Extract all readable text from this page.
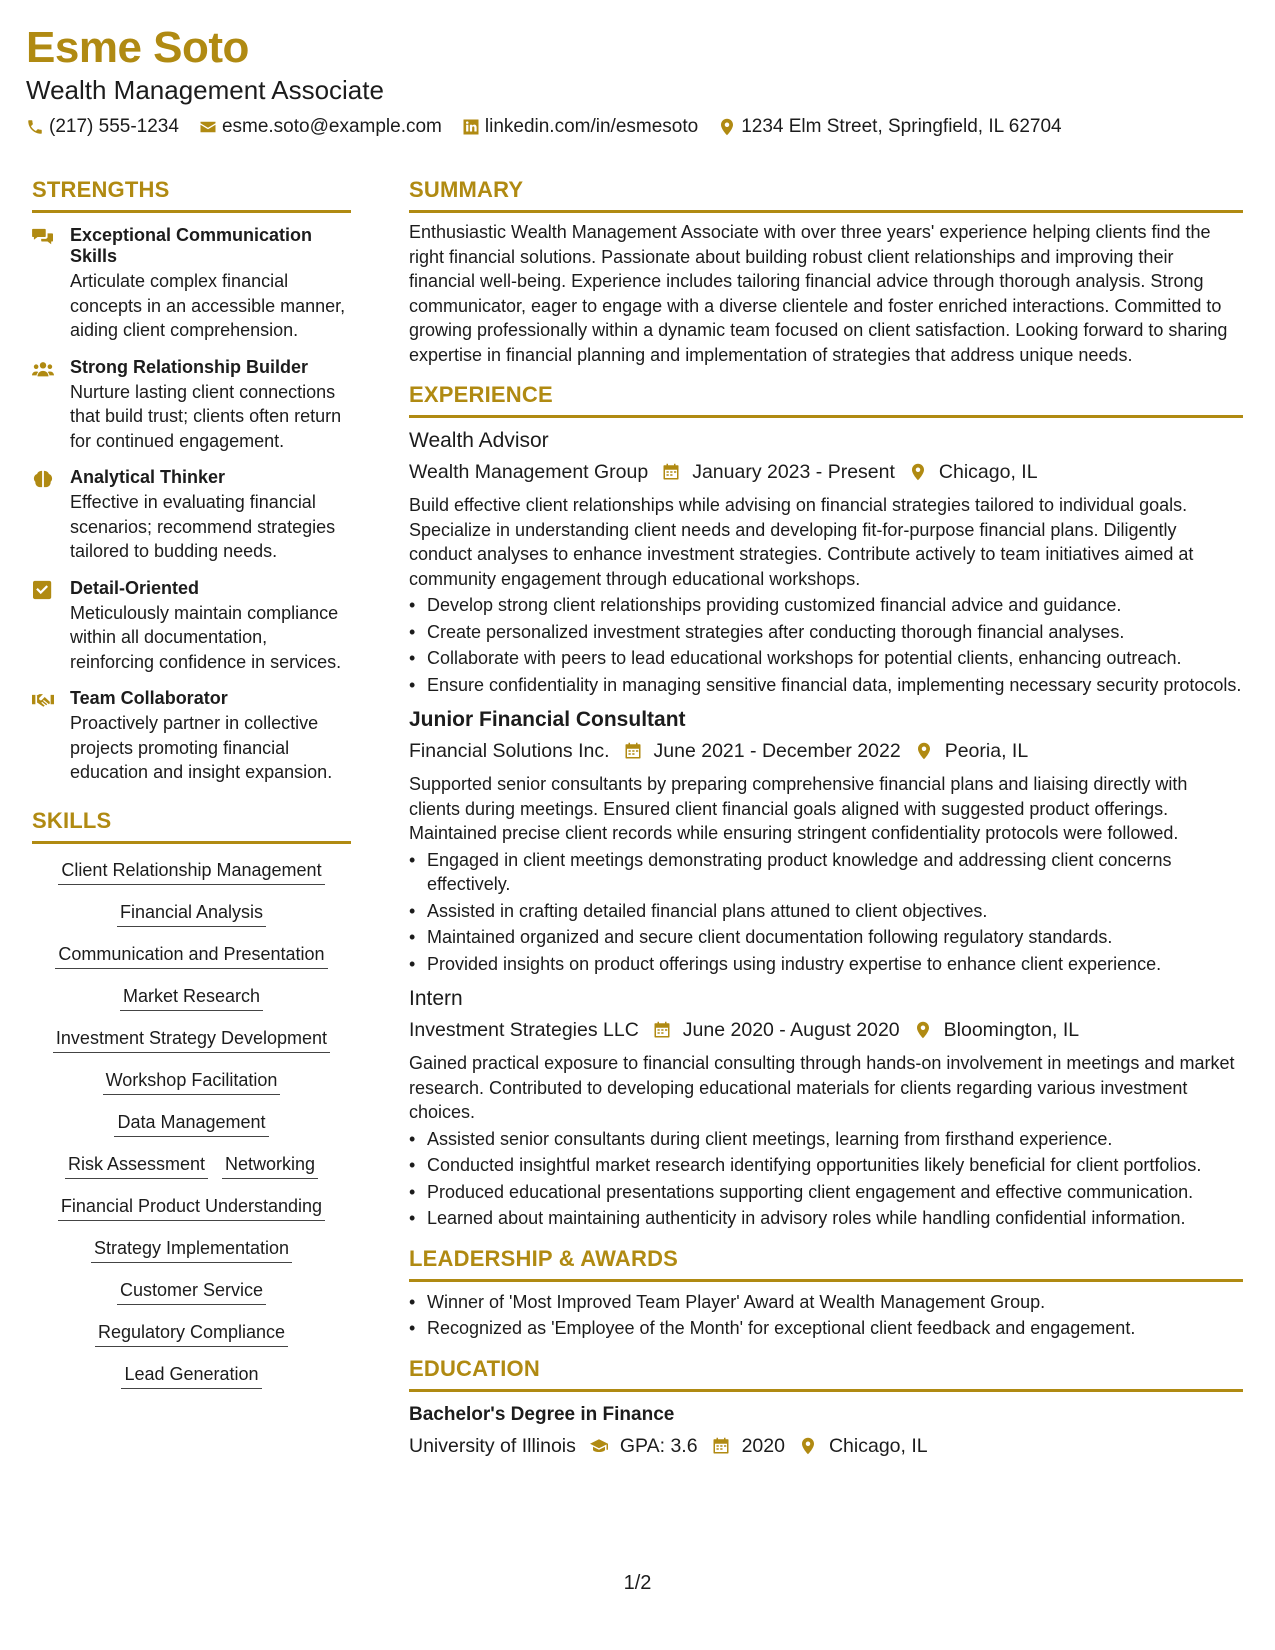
Esme Soto
Wealth Management Associate
(217) 555-1234 esme.soto@example.com linkedin.com/in/esmesoto 1234 Elm Street, Springfield, IL 62704
STRENGTHS
Exceptional Communication Skills
Articulate complex financial concepts in an accessible manner, aiding client comprehension.
Strong Relationship Builder
Nurture lasting client connections that build trust; clients often return for continued engagement.
Analytical Thinker
Effective in evaluating financial scenarios; recommend strategies tailored to budding needs.
Detail-Oriented
Meticulously maintain compliance within all documentation, reinforcing confidence in services.
Team Collaborator
Proactively partner in collective projects promoting financial education and insight expansion.
SKILLS
Client Relationship Management
Financial Analysis
Communication and Presentation
Market Research
Investment Strategy Development
Workshop Facilitation
Data Management
Risk Assessment Networking
Financial Product Understanding
Strategy Implementation
Customer Service
Regulatory Compliance
Lead Generation
SUMMARY
Enthusiastic Wealth Management Associate with over three years' experience helping clients find the right financial solutions. Passionate about building robust client relationships and improving their financial well-being. Experience includes tailoring financial advice through thorough analysis. Strong communicator, eager to engage with a diverse clientele and foster enriched interactions. Committed to growing professionally within a dynamic team focused on client satisfaction. Looking forward to sharing expertise in financial planning and implementation of strategies that address unique needs.
EXPERIENCE
Wealth Advisor
Wealth Management Group January 2023 - Present Chicago, IL
Build effective client relationships while advising on financial strategies tailored to individual goals. Specialize in understanding client needs and developing fit-for-purpose financial plans. Diligently conduct analyses to enhance investment strategies. Contribute actively to team initiatives aimed at community engagement through educational workshops.
• Develop strong client relationships providing customized financial advice and guidance.
• Create personalized investment strategies after conducting thorough financial analyses.
• Collaborate with peers to lead educational workshops for potential clients, enhancing outreach.
• Ensure confidentiality in managing sensitive financial data, implementing necessary security protocols.
Junior Financial Consultant
Financial Solutions Inc. June 2021 - December 2022 Peoria, IL
Supported senior consultants by preparing comprehensive financial plans and liaising directly with clients during meetings. Ensured client financial goals aligned with suggested product offerings. Maintained precise client records while ensuring stringent confidentiality protocols were followed.
• Engaged in client meetings demonstrating product knowledge and addressing client concerns effectively.
• Assisted in crafting detailed financial plans attuned to client objectives.
• Maintained organized and secure client documentation following regulatory standards.
• Provided insights on product offerings using industry expertise to enhance client experience.
Intern
Investment Strategies LLC June 2020 - August 2020 Bloomington, IL
Gained practical exposure to financial consulting through hands-on involvement in meetings and market research. Contributed to developing educational materials for clients regarding various investment choices.
• Assisted senior consultants during client meetings, learning from firsthand experience.
• Conducted insightful market research identifying opportunities likely beneficial for client portfolios.
• Produced educational presentations supporting client engagement and effective communication.
• Learned about maintaining authenticity in advisory roles while handling confidential information.
LEADERSHIP & AWARDS
• Winner of 'Most Improved Team Player' Award at Wealth Management Group.
• Recognized as 'Employee of the Month' for exceptional client feedback and engagement.
EDUCATION
Bachelor's Degree in Finance
University of Illinois GPA: 3.6 2020 Chicago, IL
1/2
